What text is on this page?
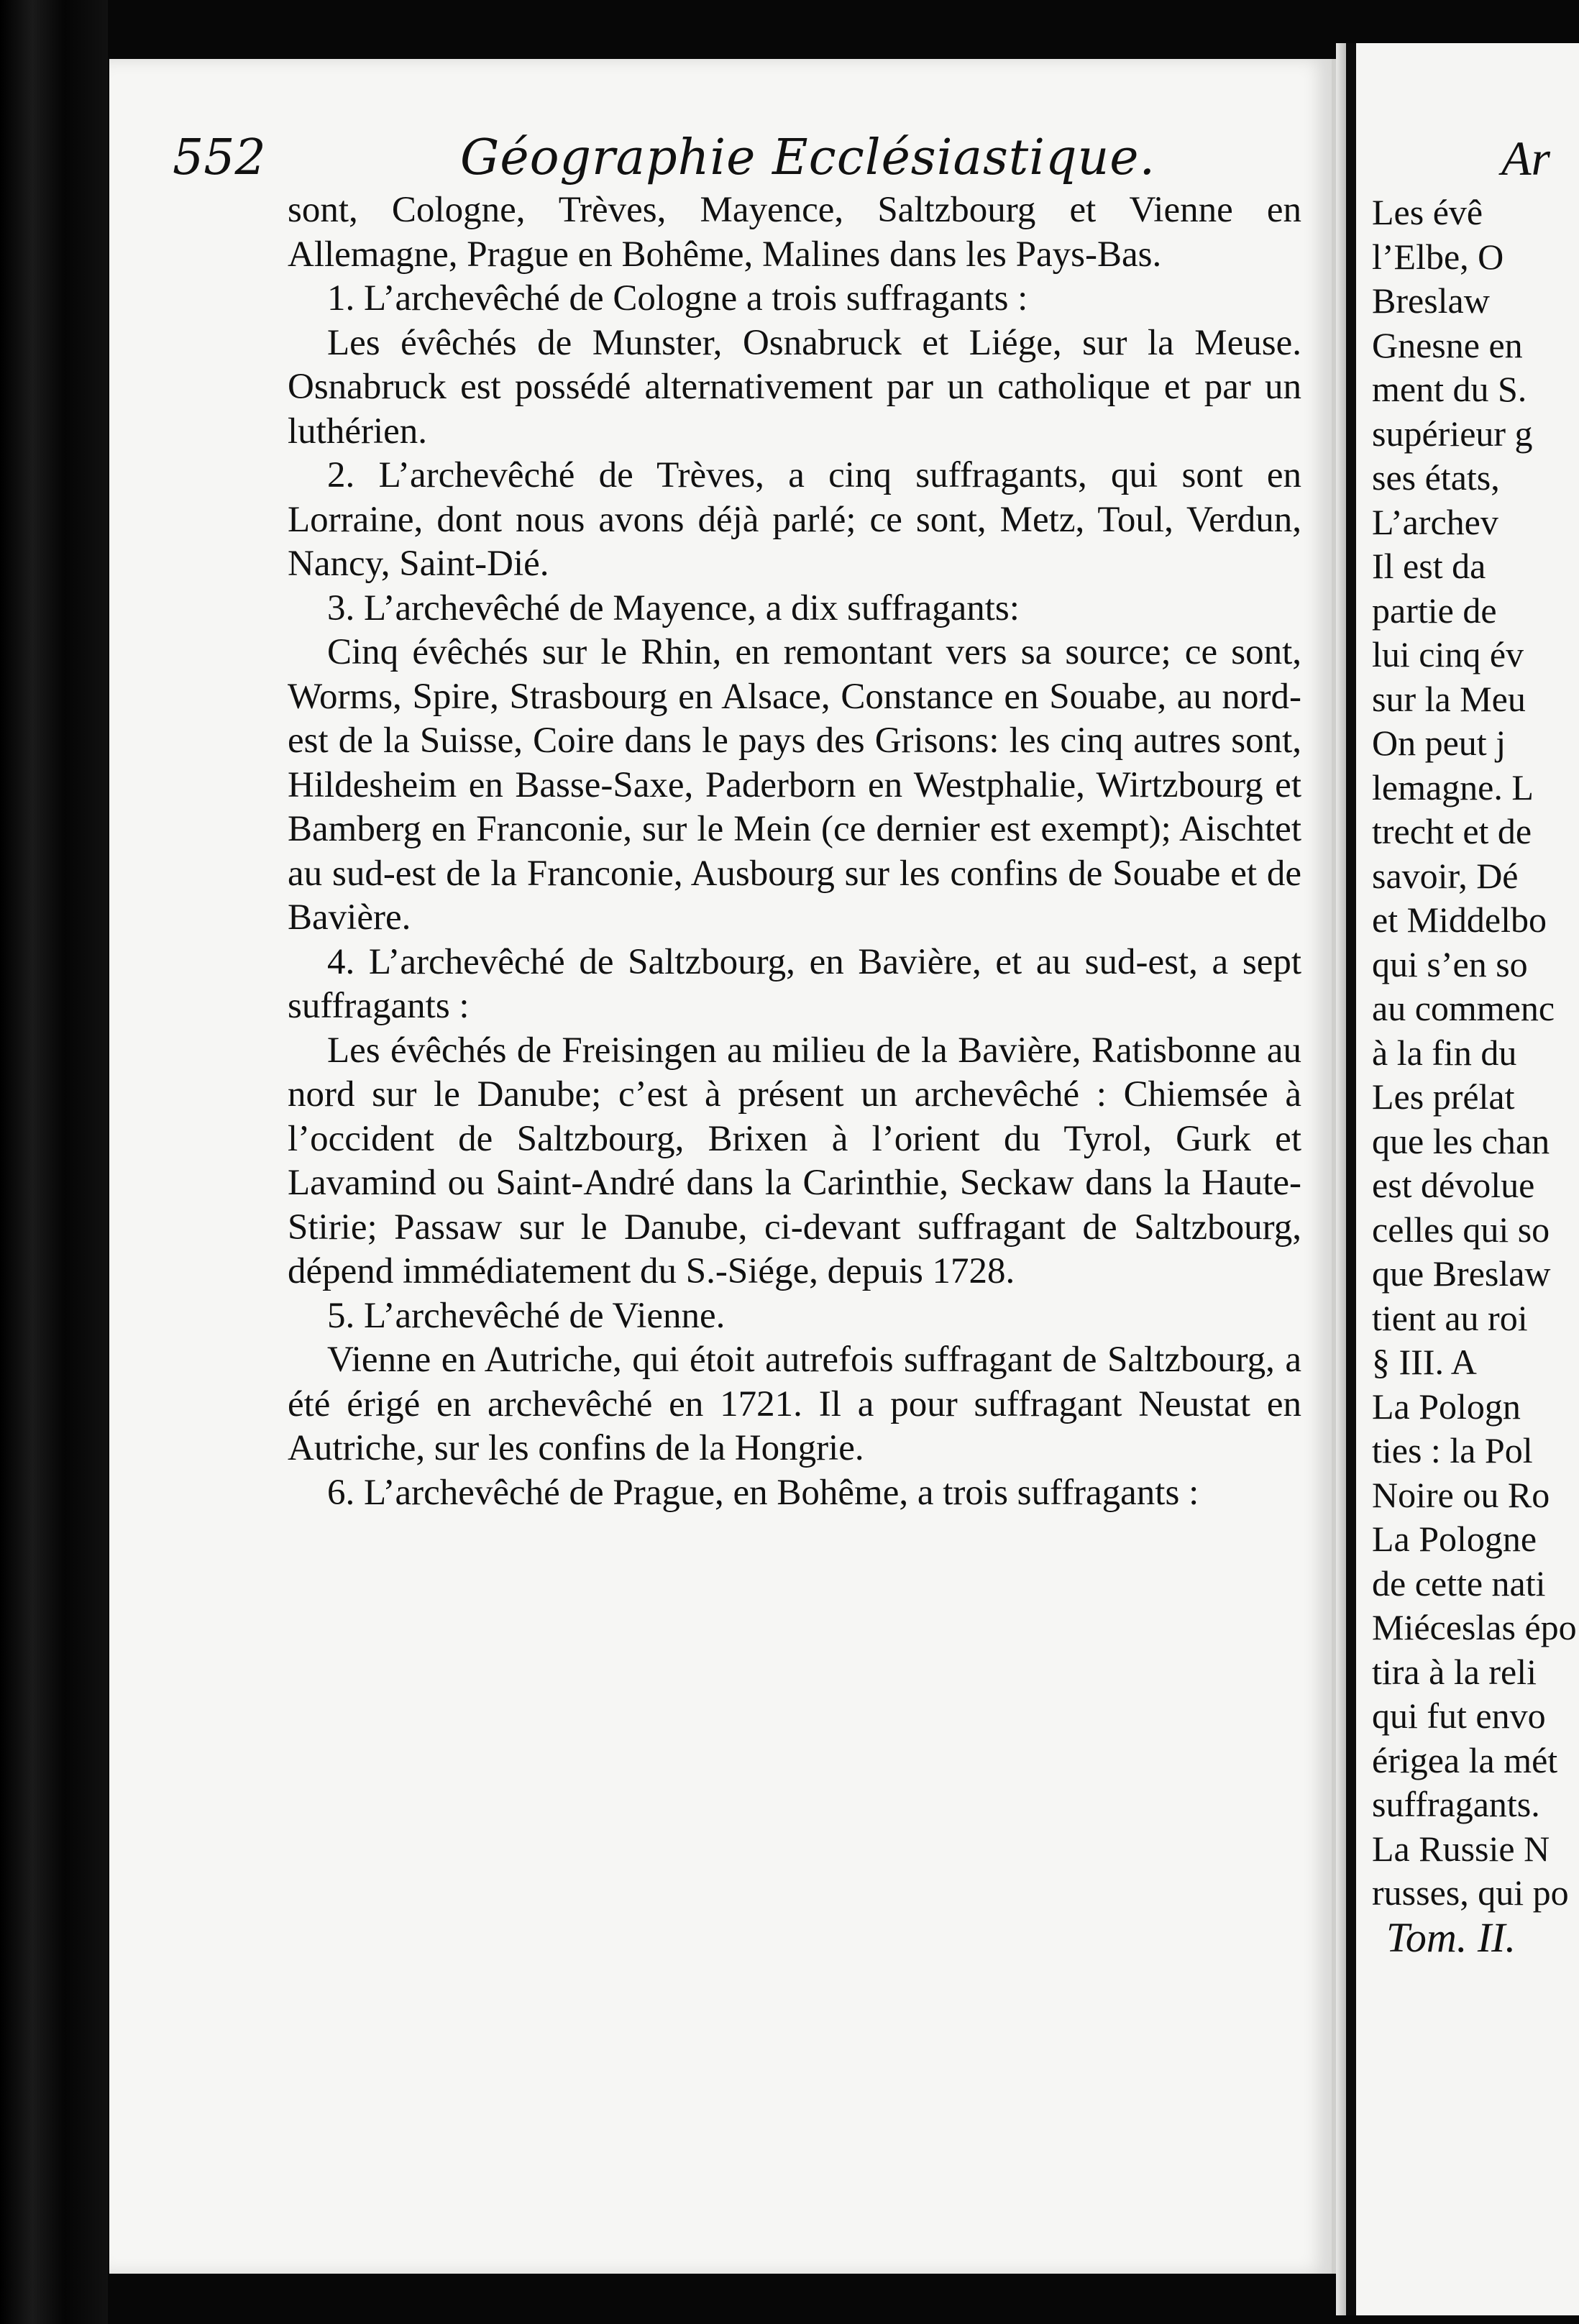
552	Géographie Ecclésiastique.

sont, Cologne, Trèves, Mayence, Saltzbourg et Vienne en Allemagne, Prague en Bohême, Malines dans les Pays-Bas.

1. L’archevêché de Cologne a trois suffragants :

Les évêchés de Munster, Osnabruck et Liége, sur la Meuse. Osnabruck est possédé alternativement par un catholique et par un luthérien.

2. L’archevêché de Trèves, a cinq suffragants, qui sont en Lorraine, dont nous avons déjà parlé; ce sont, Metz, Toul, Verdun, Nancy, Saint-Dié.

3. L’archevêché de Mayence, a dix suffragants:

Cinq évêchés sur le Rhin, en remontant vers sa source; ce sont, Worms, Spire, Strasbourg en Alsace, Constance en Souabe, au nord-est de la Suisse, Coire dans le pays des Grisons: les cinq autres sont, Hildesheim en Basse-Saxe, Paderborn en Westphalie, Wirtzbourg et Bamberg en Franconie, sur le Mein (ce dernier est exempt); Aischtet au sud-est de la Franconie, Ausbourg sur les confins de Souabe et de Bavière.

4. L’archevêché de Saltzbourg, en Bavière, et au sud-est, a sept suffragants :

Les évêchés de Freisingen au milieu de la Bavière, Ratisbonne au nord sur le Danube; c’est à présent un archevêché : Chiemsée à l’occident de Saltzbourg, Brixen à l’orient du Tyrol, Gurk et Lavamind ou Saint-André dans la Carinthie, Seckaw dans la Haute-Stirie; Passaw sur le Danube, ci-devant suffragant de Saltzbourg, dépend immédiatement du S.-Siége, depuis 1728.

5. L’archevêché de Vienne.

Vienne en Autriche, qui étoit autrefois suffragant de Saltzbourg, a été érigé en archevêché en 1721. Il a pour suffragant Neustat en Autriche, sur les confins de la Hongrie.

6. L’archevêché de Prague, en Bohême, a trois suffragants :

Ar
Les évê
l’Elbe, O
Breslaw
Gnesne en
ment du S.
supérieur g
ses états,
L’archev
Il est da
partie de
lui cinq év
sur la Meu
On peut j
lemagne. L
trecht et de
savoir, Dé
et Middelbo
qui s’en so
au commenc
à la fin du
Les prélat
que les chan
est dévolue
celles qui so
que Breslaw
tient au roi
§ III. A
La Pologn
ties : la Pol
Noire ou Ro
La Pologne
de cette nati
Miéceslas épo
tira à la reli
qui fut envo
érigea la mét
suffragants.
La Russie N
russes, qui po
Tom. II.
